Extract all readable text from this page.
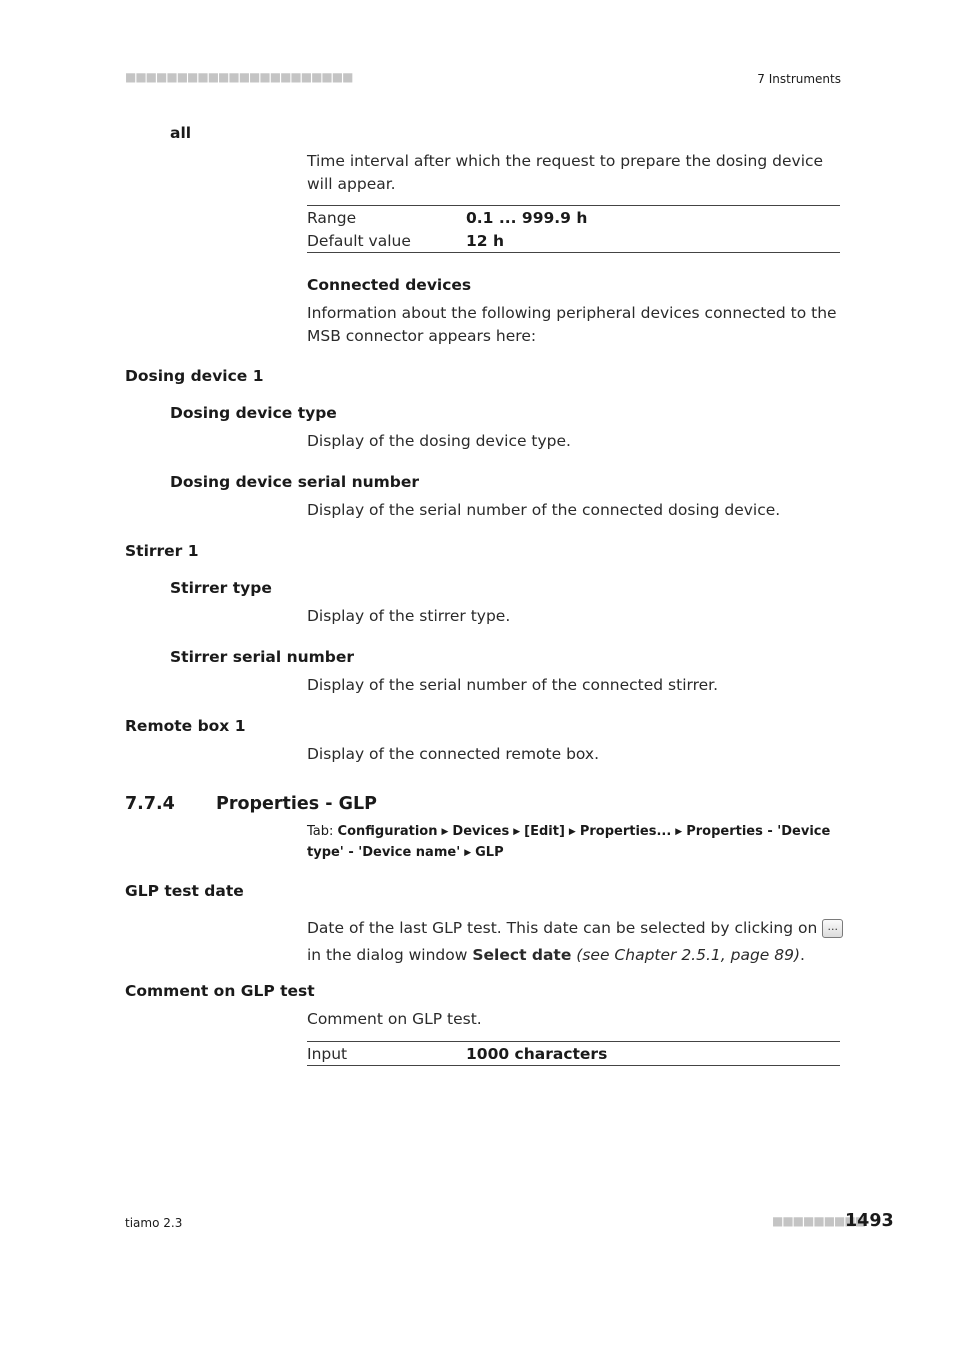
■■■■■■■■■■■■■■■■■■■■■■	7 Instruments
all
Time interval after which the request to prepare the dosing device will appear.
Range	0.1 ... 999.9 h
Default value	12 h
Connected devices
Information about the following peripheral devices connected to the MSB connector appears here:
Dosing device 1
Dosing device type
Display of the dosing device type.
Dosing device serial number
Display of the serial number of the connected dosing device.
Stirrer 1
Stirrer type
Display of the stirrer type.
Stirrer serial number
Display of the serial number of the connected stirrer.
Remote box 1
Display of the connected remote box.
7.7.4 Properties - GLP
Tab: Configuration ▶ Devices ▶ [Edit] ▶ Properties... ▶ Properties - 'Device type' - 'Device name' ▶ GLP
GLP test date
Date of the last GLP test. This date can be selected by clicking on ... in the dialog window Select date (see Chapter 2.5.1, page 89).
Comment on GLP test
Comment on GLP test.
Input	1000 characters
tiamo 2.3	■■■■■■■■■
1493
